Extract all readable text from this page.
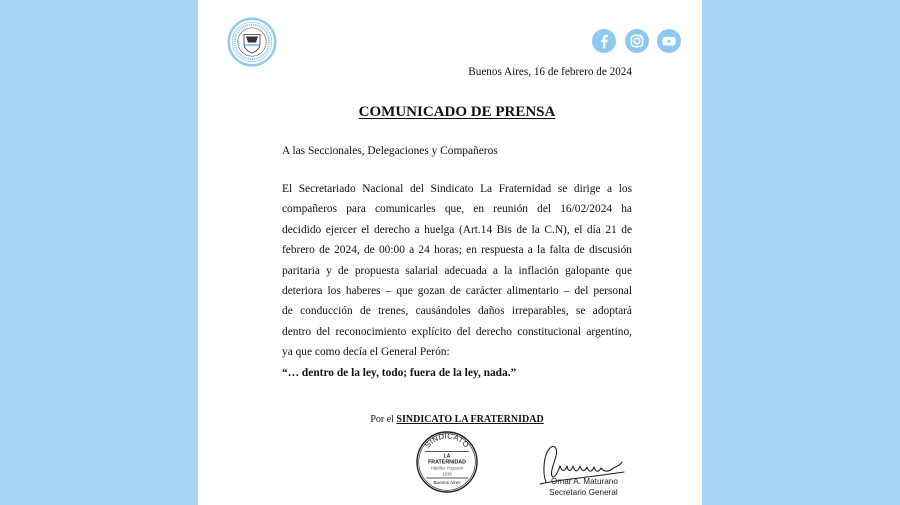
Buenos Aires, 16 de febrero de 2024
COMUNICADO DE PRENSA
A las Seccionales, Delegaciones y Compañeros
El Secretariado Nacional del Sindicato La Fraternidad se dirige a los
compañeros para comunicarles que, en reunión del 16/02/2024 ha
decidido ejercer el derecho a huelga (Art.14 Bis de la C.N), el día 21 de
febrero de 2024, de 00:00 a 24 horas; en respuesta a la falta de discusión
paritaria y de propuesta salarial adecuada a la inflación galopante que
deteriora los haberes – que gozan de carácter alimentario – del personal
de conducción de trenes, causándoles daños irreparables, se adoptará
dentro del reconocimiento explícito del derecho constitucional argentino,
ya que como decía el General Perón:
“… dentro de la ley, todo; fuera de la ley, nada.”
Por el SINDICATO LA FRATERNIDAD
SINDICATO
LA
FRATERNIDAD
Hipólito Yrigoyen
1938
Buenos Aires	Omar A. Maturano
Secretario General
